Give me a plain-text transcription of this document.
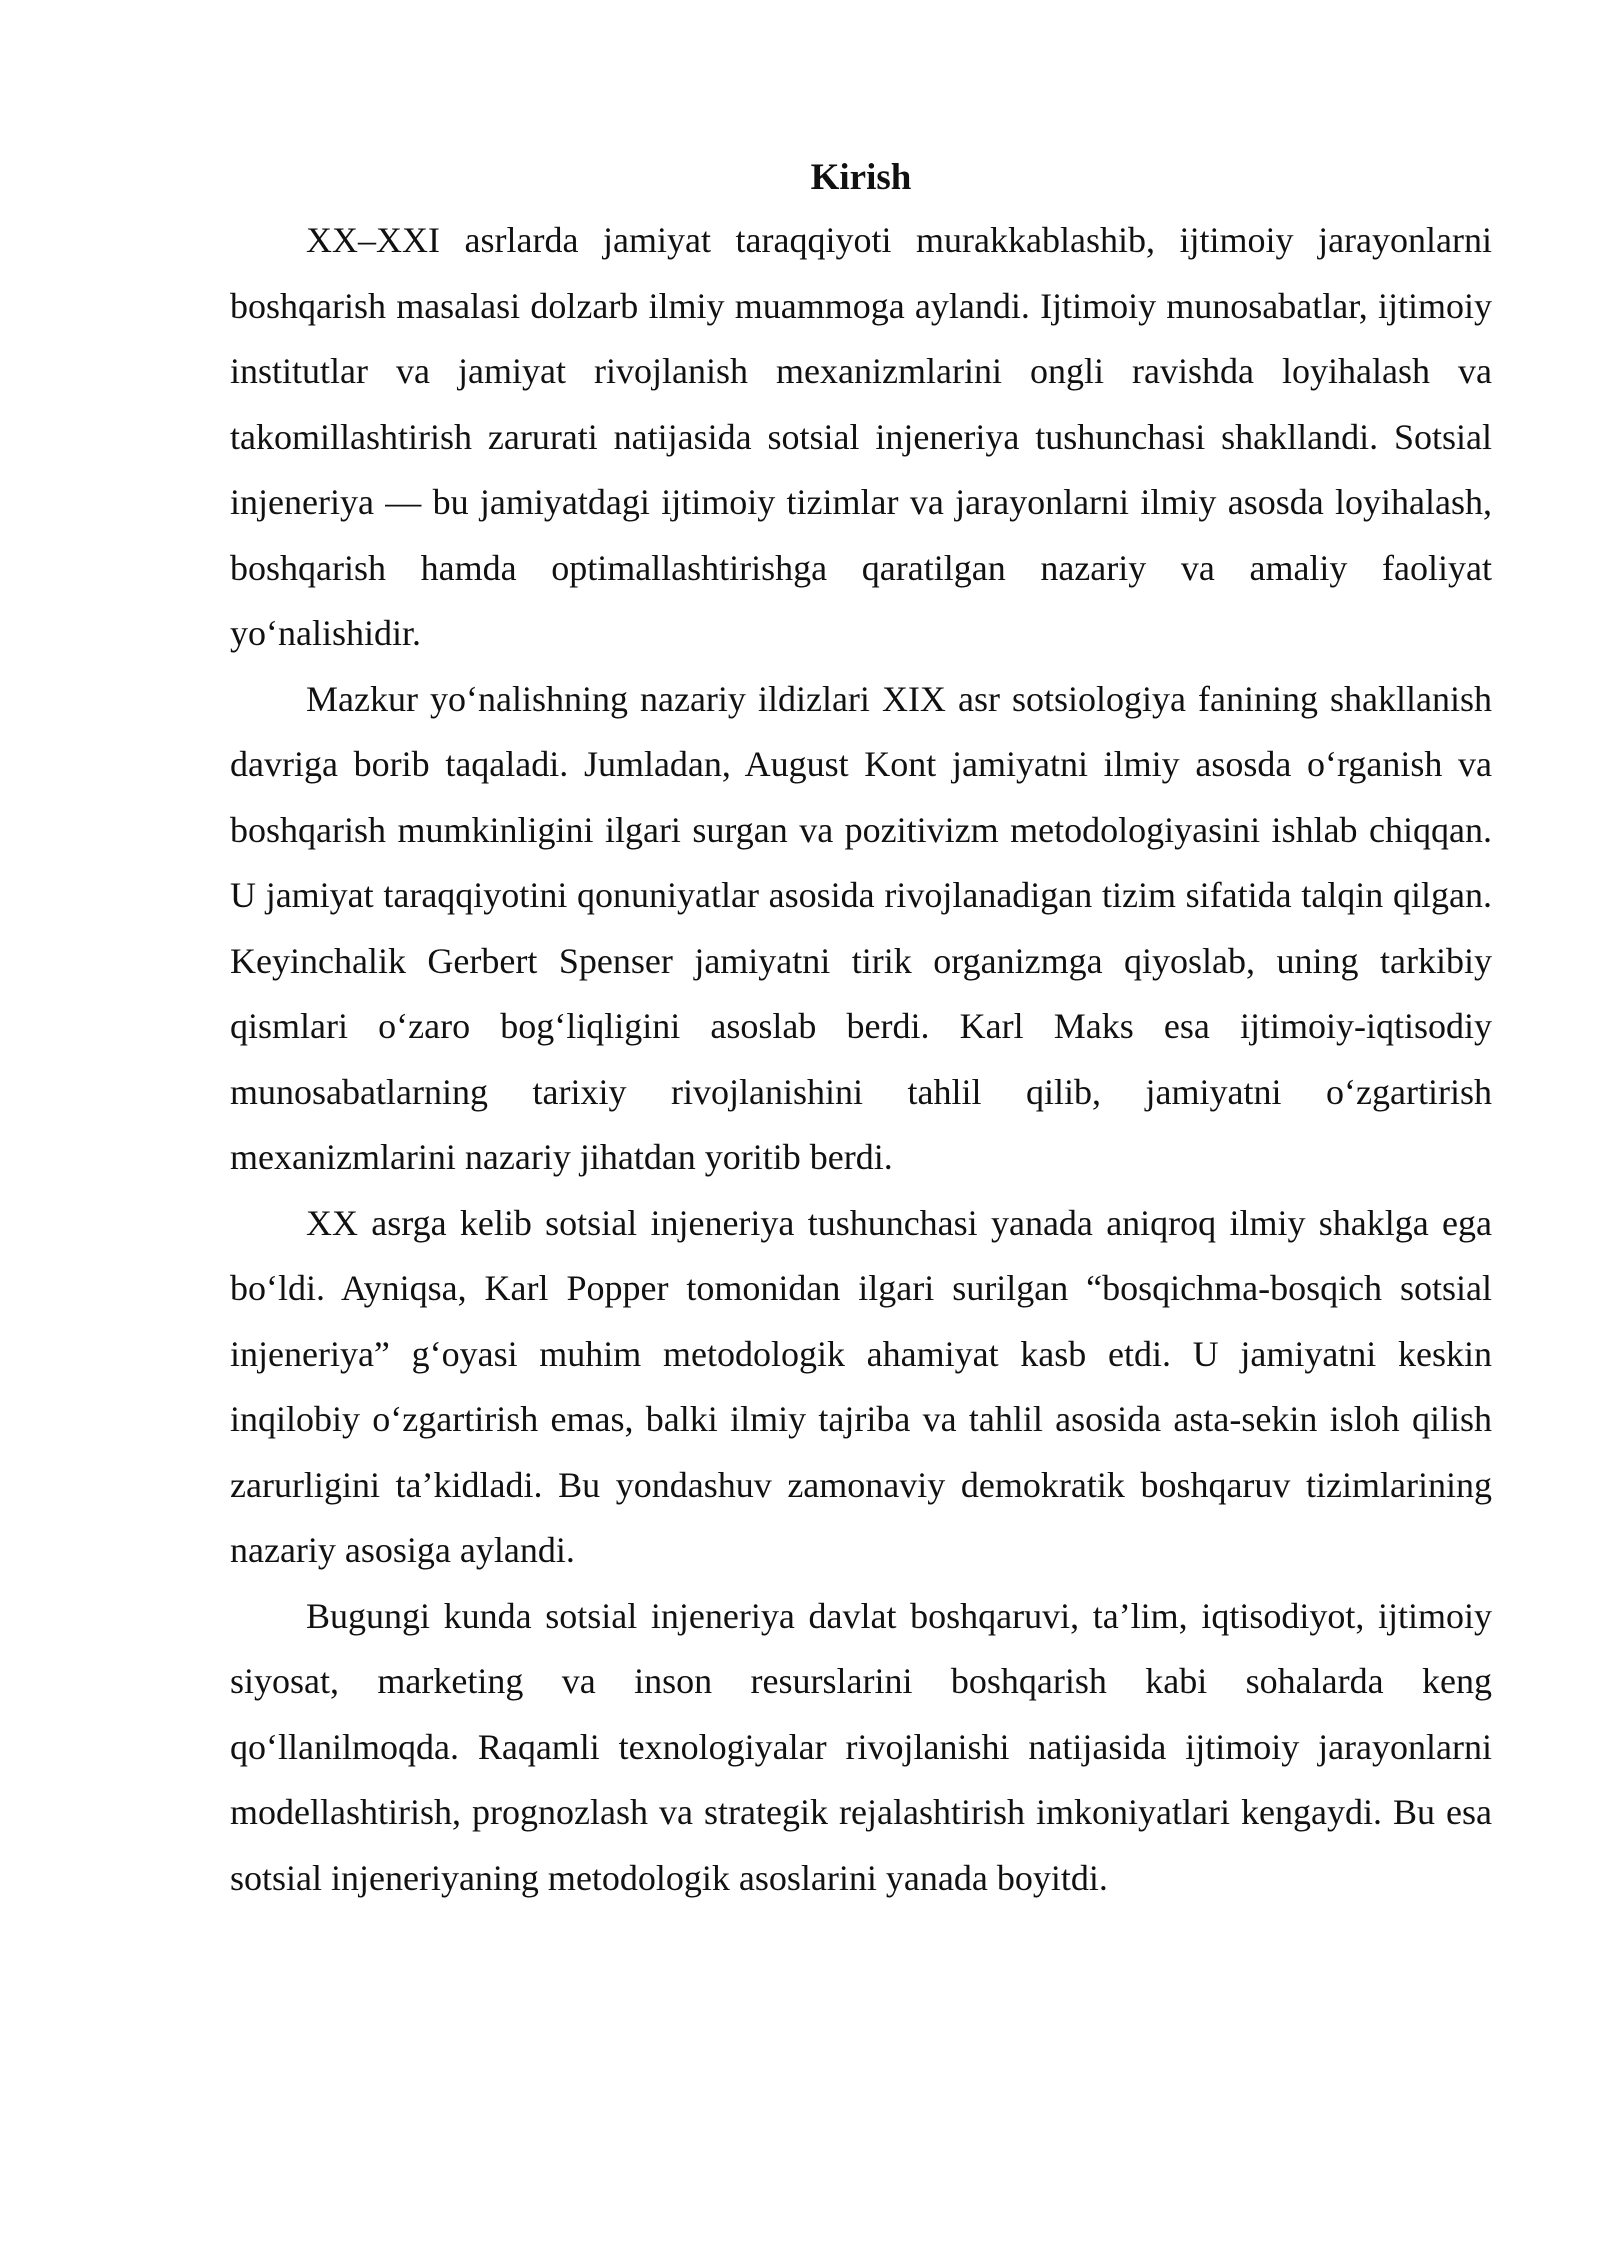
Kirish

XX–XXI asrlarda jamiyat taraqqiyoti murakkablashib, ijtimoiy jarayonlarni boshqarish masalasi dolzarb ilmiy muammoga aylandi. Ijtimoiy munosabatlar, ijtimoiy institutlar va jamiyat rivojlanish mexanizmlarini ongli ravishda loyihalash va takomillashtirish zarurati natijasida sotsial injeneriya tushunchasi shakllandi. Sotsial injeneriya — bu jamiyatdagi ijtimoiy tizimlar va jarayonlarni ilmiy asosda loyihalash, boshqarish hamda optimallashtirishga qaratilgan nazariy va amaliy faoliyat yo‘nalishidir.

Mazkur yo‘nalishning nazariy ildizlari XIX asr sotsiologiya fanining shakllanish davriga borib taqaladi. Jumladan, August Kont jamiyatni ilmiy asosda o‘rganish va boshqarish mumkinligini ilgari surgan va pozitivizm metodologiyasini ishlab chiqqan. U jamiyat taraqqiyotini qonuniyatlar asosida rivojlanadigan tizim sifatida talqin qilgan. Keyinchalik Gerbert Spenser jamiyatni tirik organizmga qiyoslab, uning tarkibiy qismlari o‘zaro bog‘liqligini asoslab berdi. Karl Maks esa ijtimoiy-iqtisodiy munosabatlarning tarixiy rivojlanishini tahlil qilib, jamiyatni o‘zgartirish mexanizmlarini nazariy jihatdan yoritib berdi.

XX asrga kelib sotsial injeneriya tushunchasi yanada aniqroq ilmiy shaklga ega bo‘ldi. Ayniqsa, Karl Popper tomonidan ilgari surilgan “bosqichma-bosqich sotsial injeneriya” g‘oyasi muhim metodologik ahamiyat kasb etdi. U jamiyatni keskin inqilobiy o‘zgartirish emas, balki ilmiy tajriba va tahlil asosida asta-sekin isloh qilish zarurligini ta’kidladi. Bu yondashuv zamonaviy demokratik boshqaruv tizimlarining nazariy asosiga aylandi.

Bugungi kunda sotsial injeneriya davlat boshqaruvi, ta’lim, iqtisodiyot, ijtimoiy siyosat, marketing va inson resurslarini boshqarish kabi sohalarda keng qo‘llanilmoqda. Raqamli texnologiyalar rivojlanishi natijasida ijtimoiy jarayonlarni modellashtirish, prognozlash va strategik rejalashtirish imkoniyatlari kengaydi. Bu esa sotsial injeneriyaning metodologik asoslarini yanada boyitdi.
